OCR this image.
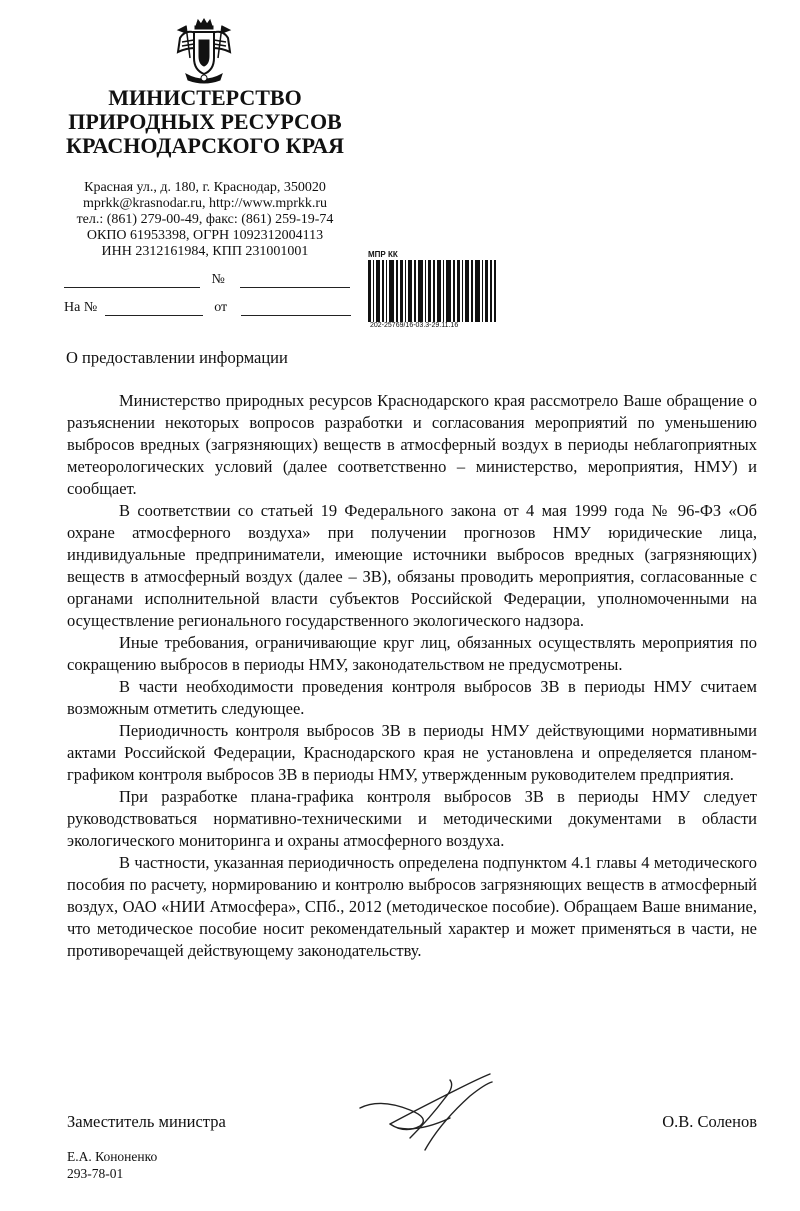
МИНИСТЕРСТВО
ПРИРОДНЫХ РЕСУРСОВ
КРАСНОДАРСКОГО КРАЯ
Красная ул., д. 180, г. Краснодар, 350020
mprkk@krasnodar.ru, http://www.mprkk.ru
тел.: (861) 279-00-49, факс: (861) 259-19-74
ОКПО 61953398, ОГРН 1092312004113
ИНН 2312161984, КПП 231001001
№
На №	от
МПР КК
202-25769/16-03.3-29.11.16
О предоставлении информации

Министерство природных ресурсов Краснодарского края рассмотрело Ваше обращение о разъяснении некоторых вопросов разработки и согласования мероприятий по уменьшению выбросов вредных (загрязняющих) веществ в атмосферный воздух в периоды неблагоприятных метеорологических условий (далее соответственно – министерство, мероприятия, НМУ) и сообщает.

В соответствии со статьей 19 Федерального закона от 4 мая 1999 года № 96-ФЗ «Об охране атмосферного воздуха» при получении прогнозов НМУ юридические лица, индивидуальные предприниматели, имеющие источники выбросов вредных (загрязняющих) веществ в атмосферный воздух (далее – ЗВ), обязаны проводить мероприятия, согласованные с органами исполнительной власти субъектов Российской Федерации, уполномоченными на осуществление регионального государственного экологического надзора.

Иные требования, ограничивающие круг лиц, обязанных осуществлять мероприятия по сокращению выбросов в периоды НМУ, законодательством не предусмотрены.

В части необходимости проведения контроля выбросов ЗВ в периоды НМУ считаем возможным отметить следующее.

Периодичность контроля выбросов ЗВ в периоды НМУ действующими нормативными актами Российской Федерации, Краснодарского края не установлена и определяется планом-графиком контроля выбросов ЗВ в периоды НМУ, утвержденным руководителем предприятия.

При разработке плана-графика контроля выбросов ЗВ в периоды НМУ следует руководствоваться нормативно-техническими и методическими документами в области экологического мониторинга и охраны атмосферного воздуха.

В частности, указанная периодичность определена подпунктом 4.1 главы 4 методического пособия по расчету, нормированию и контролю выбросов загрязняющих веществ в атмосферный воздух, ОАО «НИИ Атмосфера», СПб., 2012 (методическое пособие). Обращаем Ваше внимание, что методическое пособие носит рекомендательный характер и может применяться в части, не противоречащей действующему законодательству.

Заместитель министра	О.В. Соленов
Е.А. Кононенко
293-78-01
